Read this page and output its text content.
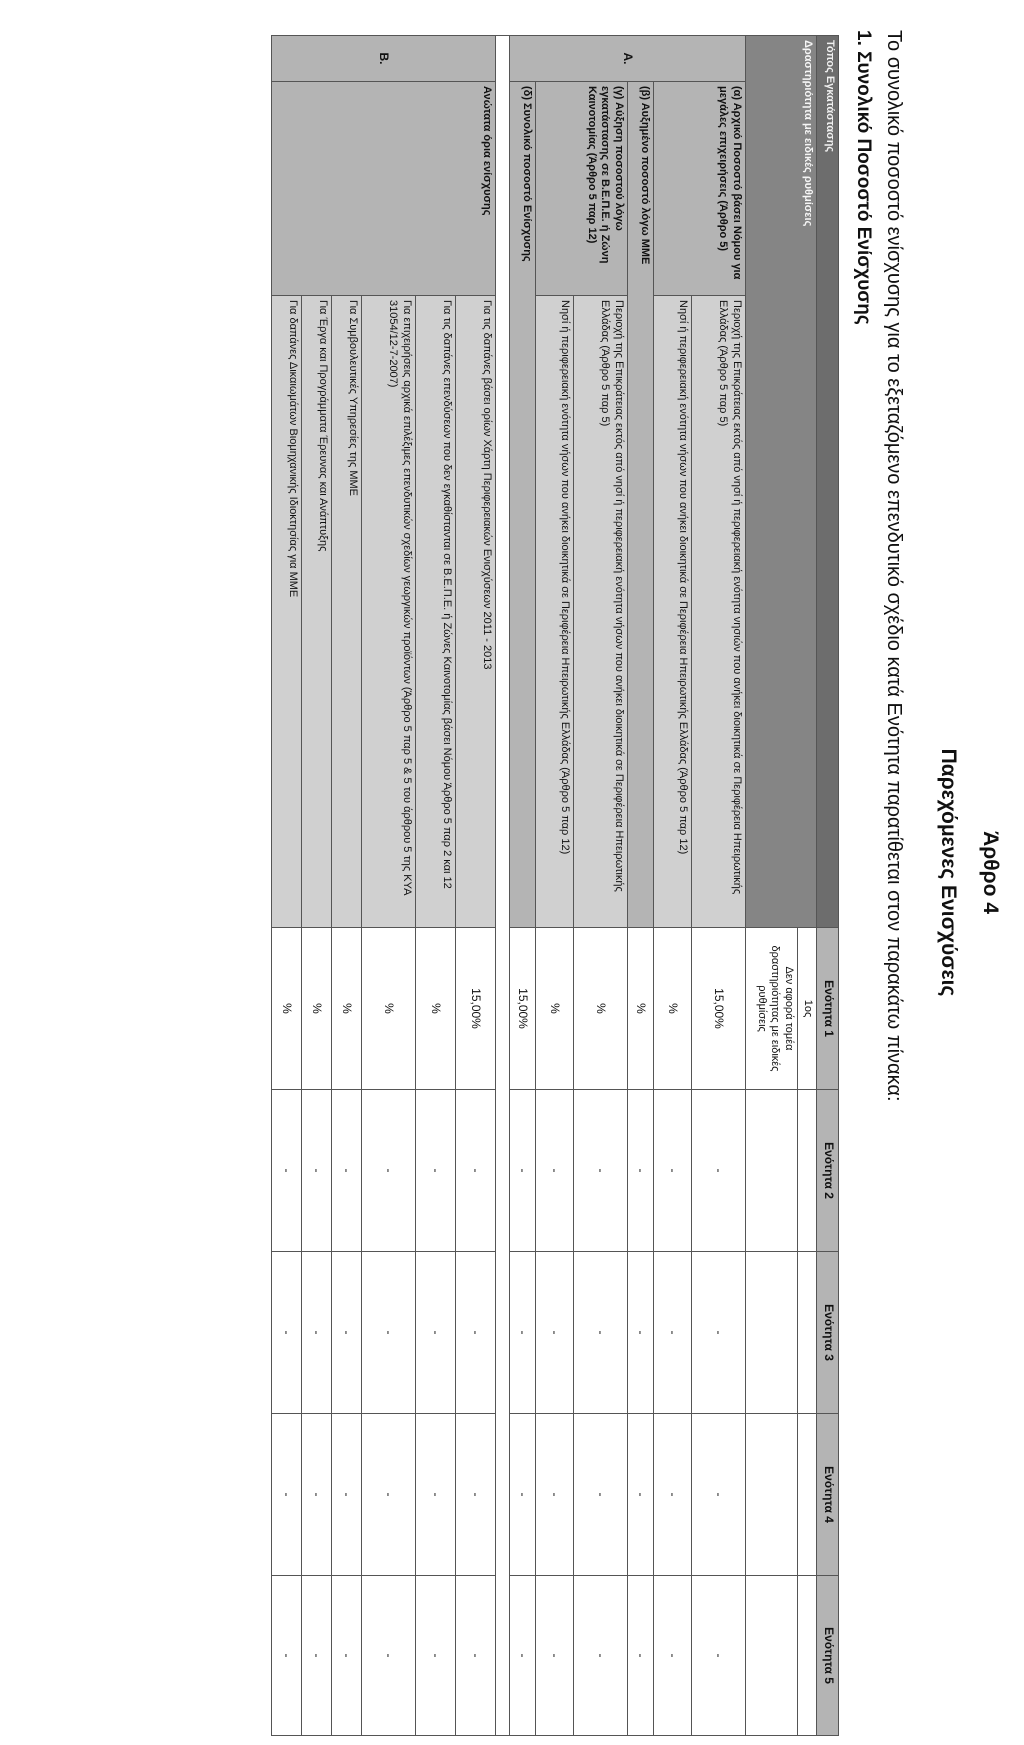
Άρθρο 4
Παρεχόμενες Ενισχύσεις
Το συνολικό ποσοστό ενίσχυσης για το εξεταζόμενο επενδυτικό σχέδιο κατά Ενότητα παρατίθεται στον παρακάτω πίνακα:
1. Συνολικό Ποσοστό Ενίσχυσης
Τόπος Εγκατάστασης			Ενότητα 1	Ενότητα 2	Ενότητα 3	Ενότητα 4	Ενότητα 5
Δραστηριότητα με ειδικές ρυθμίσεις			1ος				
			Δεν αφορά τομέα δραστηριότητας με ειδικές ρυθμίσεις				
Α.	(α) Αρχικό Ποσοστό βάσει Νόμου για μεγάλες επιχειρήσεις (Άρθρο 5)	Περιοχή της Επικράτειας εκτός από νησί ή περιφερειακή ενότητα νησιών που ανήκει διοικητικά σε Περιφέρεια Ηπειρωτικής Ελλάδας (Άρθρο 5 παρ 5)	15,00%	-	-	-	-
		Νησί ή περιφερειακή ενότητα νήσων που ανήκει διοικητικά σε Περιφέρεια Ηπειρωτικής Ελλάδας (Άρθρο 5 παρ 12)	%	-	-	-	-
	(β) Αυξημένο ποσοστό λόγω ΜΜΕ		%	-	-	-	-
	(γ) Αύξηση ποσοστού λόγω εγκατάστασης σε Β.Ε.Π.Ε. ή Ζώνη Καινοτομίας (Άρθρο 5 παρ 12)	Περιοχή της Επικράτειας εκτός από νησί ή περιφερειακή ενότητα νήσων που ανήκει διοικητικά σε Περιφέρεια Ηπειρωτικής Ελλάδας (Άρθρο 5 παρ 5)	%	-	-	-	-
		Νησί ή περιφερειακή ενότητα νήσων που ανήκει διοικητικά σε Περιφέρεια Ηπειρωτικής Ελλάδας (Άρθρο 5 παρ 12)	%	-	-	-	-
	(δ) Συνολικό ποσοστό Ενίσχυσης		15,00%	-	-	-	-

Β.	Ανώτατα όρια ενίσχυσης	Για τις δαπάνες βάσει ορίων Χάρτη Περιφερειακών Ενισχύσεων 2011 - 2013	15,00%	-	-	-	-
		Για τις δαπάνες επενδύσεων που δεν εγκαθίστανται σε Β.Ε.Π.Ε. ή Ζώνες Καινοτομίας βάσει Νόμου Άρθρο 5 παρ 2 και 12	%	-	-	-	-
		Για επιχειρήσεις αρχικά επιλέξιμες επενδυτικών σχεδίων γεωργικών προϊόντων (Άρθρο 5 παρ 5 & 5 του άρθρου 5 της ΚΥΑ 31054/12-7-2007)	%	-	-	-	-
		Για Συμβουλευτικές Υπηρεσίες της ΜΜΕ	%	-	-	-	-
		Για Έργα και Προγράμματα Έρευνας και Ανάπτυξης	%	-	-	-	-
		Για δαπάνες Δικαιωμάτων Βιομηχανικής Ιδιοκτησίας για ΜΜΕ	%	-	-	-	-
